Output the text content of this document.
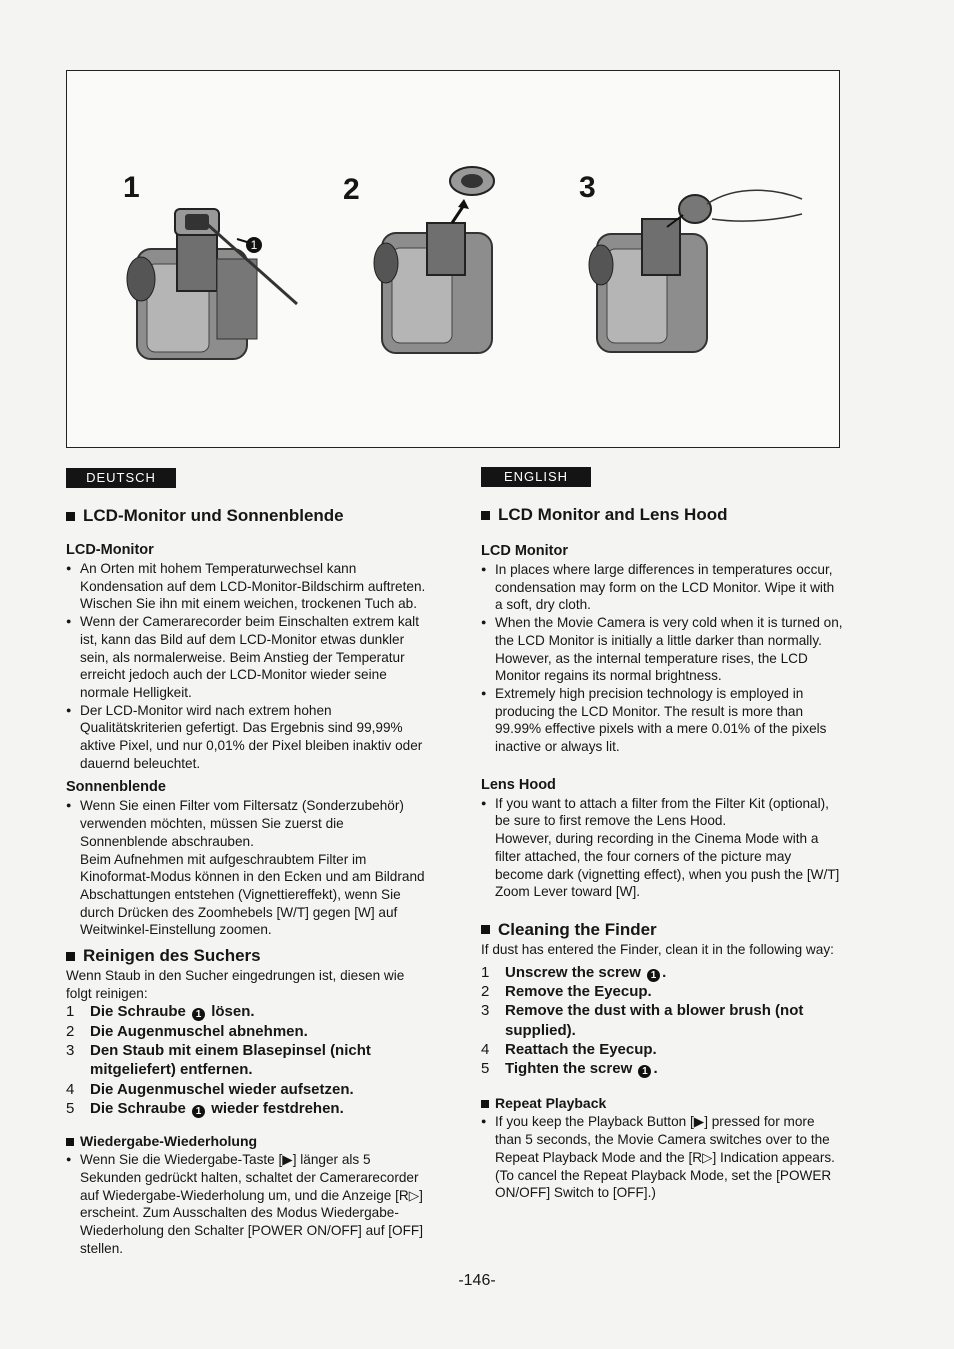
1	2	3
1
DEUTSCH
LCD-Monitor und Sonnenblende
LCD-Monitor
● An Orten mit hohem Temperaturwechsel kann Kondensation auf dem LCD-Monitor-Bildschirm auftreten. Wischen Sie ihn mit einem weichen, trockenen Tuch ab.
● Wenn der Camerarecorder beim Einschalten extrem kalt ist, kann das Bild auf dem LCD-Monitor etwas dunkler sein, als normalerweise. Beim Anstieg der Temperatur erreicht jedoch auch der LCD-Monitor wieder seine normale Helligkeit.
● Der LCD-Monitor wird nach extrem hohen Qualitätskriterien gefertigt. Das Ergebnis sind 99,99% aktive Pixel, und nur 0,01% der Pixel bleiben inaktiv oder dauernd beleuchtet.
Sonnenblende
● Wenn Sie einen Filter vom Filtersatz (Sonderzubehör) verwenden möchten, müssen Sie zuerst die Sonnenblende abschrauben.
Beim Aufnehmen mit aufgeschraubtem Filter im Kinoformat-Modus können in den Ecken und am Bildrand Abschattungen entstehen (Vignettiereffekt), wenn Sie durch Drücken des Zoomhebels [W/T] gegen [W] auf Weitwinkel-Einstellung zoomen.
Reinigen des Suchers

Wenn Staub in den Sucher eingedrungen ist, diesen wie folgt reinigen:

1	Die Schraube 1 lösen.
2	Die Augenmuschel abnehmen.
3	Den Staub mit einem Blasepinsel (nicht mitgeliefert) entfernen.
4	Die Augenmuschel wieder aufsetzen.
5	Die Schraube 1 wieder festdrehen.
Wiedergabe-Wiederholung
● Wenn Sie die Wiedergabe-Taste [▶] länger als 5 Sekunden gedrückt halten, schaltet der Camerarecorder auf Wiedergabe-Wiederholung um, und die Anzeige [R▷] erscheint. Zum Ausschalten des Modus Wiedergabe-Wiederholung den Schalter [POWER ON/OFF] auf [OFF] stellen.
ENGLISH
LCD Monitor and Lens Hood
LCD Monitor
● In places where large differences in temperatures occur, condensation may form on the LCD Monitor. Wipe it with a soft, dry cloth.
● When the Movie Camera is very cold when it is turned on, the LCD Monitor is initially a little darker than normally. However, as the internal temperature rises, the LCD Monitor regains its normal brightness.
● Extremely high precision technology is employed in producing the LCD Monitor. The result is more than 99.99% effective pixels with a mere 0.01% of the pixels inactive or always lit.
Lens Hood
● If you want to attach a filter from the Filter Kit (optional), be sure to first remove the Lens Hood.
However, during recording in the Cinema Mode with a filter attached, the four corners of the picture may become dark (vignetting effect), when you push the [W/T] Zoom Lever toward [W].
Cleaning the Finder

If dust has entered the Finder, clean it in the following way:

1	Unscrew the screw 1 .
2	Remove the Eyecup.
3	Remove the dust with a blower brush (not supplied).
4	Reattach the Eyecup.
5	Tighten the screw 1 .
Repeat Playback
● If you keep the Playback Button [▶] pressed for more than 5 seconds, the Movie Camera switches over to the Repeat Playback Mode and the [R▷] Indication appears. (To cancel the Repeat Playback Mode, set the [POWER ON/OFF] Switch to [OFF].)
-146-
